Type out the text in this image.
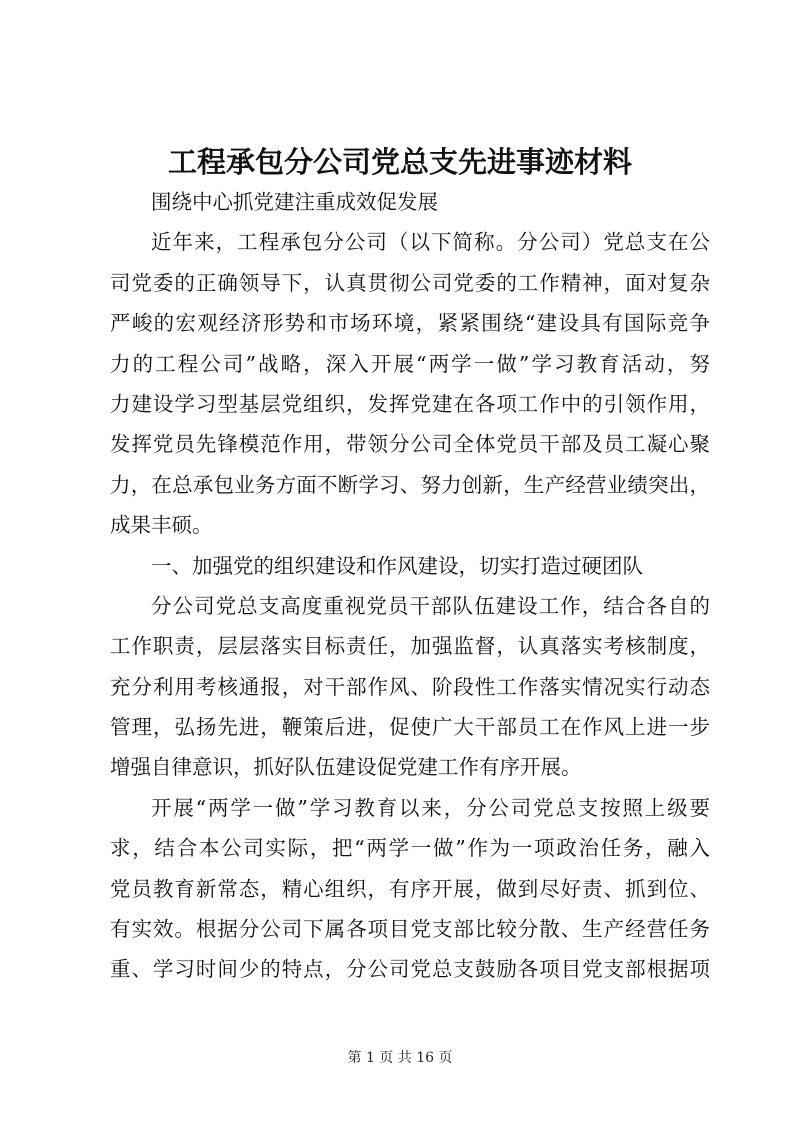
工程承包分公司党总支先进事迹材料
围绕中心抓党建注重成效促发展
近年来，工程承包分公司（以下简称。分公司）党总支在公
司党委的正确领导下，认真贯彻公司党委的工作精神，面对复杂
严峻的宏观经济形势和市场环境，紧紧围绕“建设具有国际竞争
力的工程公司”战略，深入开展“两学一做”学习教育活动，努
力建设学习型基层党组织，发挥党建在各项工作中的引领作用，
发挥党员先锋模范作用，带领分公司全体党员干部及员工凝心聚
力，在总承包业务方面不断学习、努力创新，生产经营业绩突出，
成果丰硕。
一、加强党的组织建设和作风建设，切实打造过硬团队
分公司党总支高度重视党员干部队伍建设工作，结合各自的
工作职责，层层落实目标责任，加强监督，认真落实考核制度，
充分利用考核通报，对干部作风、阶段性工作落实情况实行动态
管理，弘扬先进，鞭策后进，促使广大干部员工在作风上进一步
增强自律意识，抓好队伍建设促党建工作有序开展。
开展“两学一做”学习教育以来，分公司党总支按照上级要
求，结合本公司实际，把“两学一做”作为一项政治任务，融入
党员教育新常态，精心组织，有序开展，做到尽好责、抓到位、
有实效。根据分公司下属各项目党支部比较分散、生产经营任务
重、学习时间少的特点，分公司党总支鼓励各项目党支部根据项
第 1 页 共 16 页
